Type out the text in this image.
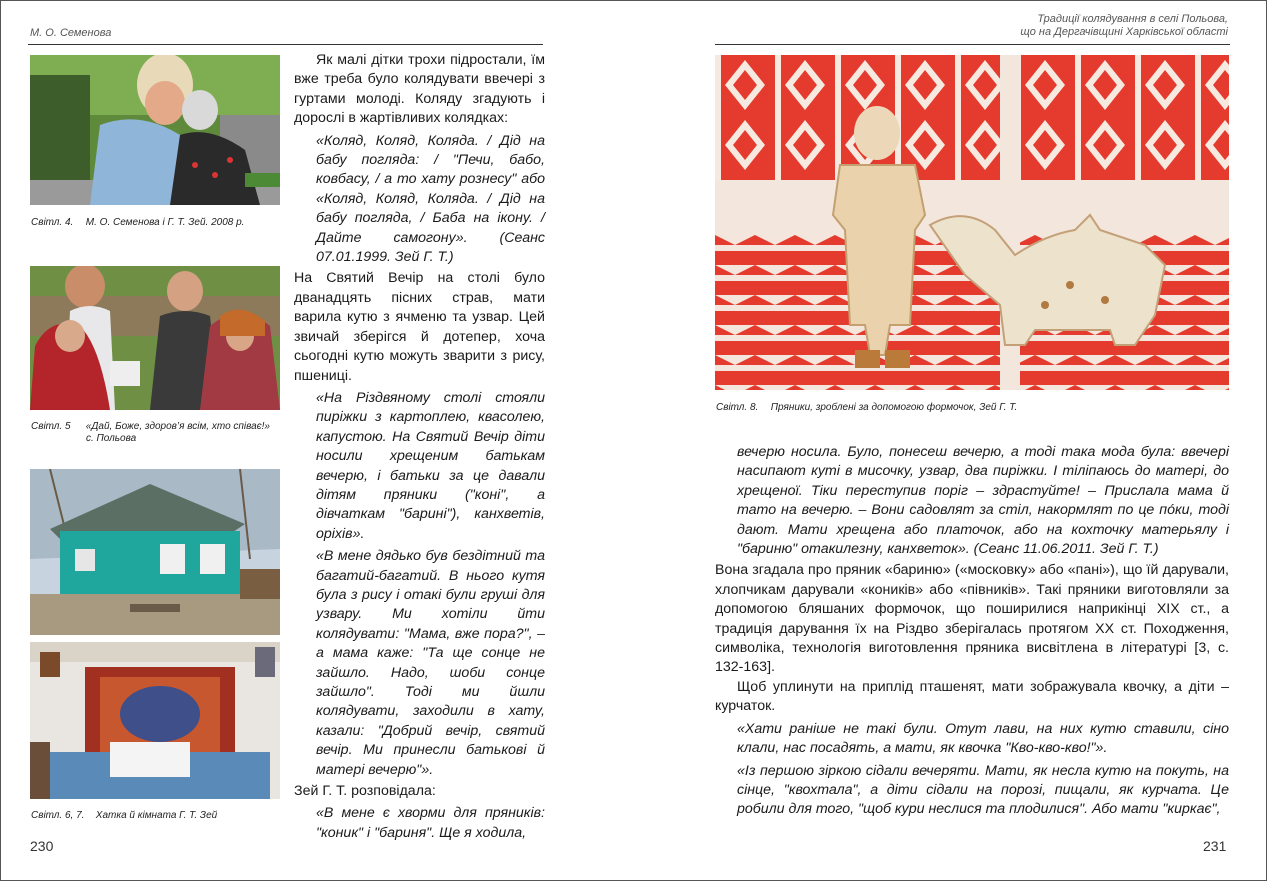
М. О. Семенова
Світл. 4. М. О. Семенова і Г. Т. Зей. 2008 р.
Світл. 5 «Дай, Боже, здоров’я всім, хто співає!»
с. Польова
Світл. 6, 7. Хатка й кімната Г. Т. Зей

Як малі дітки трохи підростали, їм вже треба було колядувати ввечері з гуртами молоді. Коляду згадують і дорослі в жартівливих колядках:

«Коляд, Коляд, Коляда. / Дід на бабу погляда: / "Печи, бабо, ковбасу, / а то хату рознесу" або «Коляд, Коляд, Коляда. / Дід на бабу погляда, / Баба на ікону. / Дайте самогону». (Сеанс 07.01.1999. Зей Г. Т.)

На Святий Вечір на столі було дванадцять пісних страв, мати варила кутю з ячменю та узвар. Цей звичай зберігся й дотепер, хоча сьогодні кутю можуть зварити з рису, пшениці.

«На Різдвяному столі стояли пиріжки з картоплею, квасолею, капустою. На Святий Вечір діти носили хрещеним батькам вечерю, і батьки за це давали дітям пряники ("коні", а дівчаткам "барині"), канхветів, оріхів».

«В мене дядько був бездітний та багатий-багатий. В нього кутя була з рису і отакі були груші для узвару. Ми хотіли йти колядувати: "Мама, вже пора?", – а мама каже: "Та ще сонце не зайшло. Надо, шоби сонце зайшло". Тоді ми йшли колядувати, заходили в хату, казали: "Добрий вечір, святий вечір. Ми принесли батькові й матері вечерю"».

Зей Г. Т. розповідала:

«В мене є хворми для пряників: "коник" і "бариня". Ще я ходила,

230
Традиції колядування в селі Польова,
що на Дергачівщині Харківської області
Світл. 8. Пряники, зроблені за допомогою формочок, Зей Г. Т.

вечерю носила. Було, понесеш вечерю, а тоді така мода була: ввечері насипают куті в мисочку, узвар, два пиріжки. І тіліпаюсь до матері, до хрещеної. Тіки переступив поріг – здрастуйте! – Прислала мама й тато на вечерю. – Вони садовлят за стіл, накормлят по це пóки, тоді дают. Мати хрещена або платочок, або на кохточку матерьялу і "бариню" отакилезну, канхветок». (Сеанс 11.06.2011. Зей Г. Т.)

Вона згадала про пряник «бариню» («московку» або «пані»), що їй дарували, хлопчикам дарували «коників» або «півників». Такі пряники виготовляли за допомогою бляшаних формочок, що поширилися наприкінці XIX ст., а традиція дарування їх на Різдво зберігалась протягом XX ст. Походження, символіка, технологія виготовлення пряника висвітлена в літературі [3, с. 132-163].

Щоб уплинути на приплід пташенят, мати зображувала квочку, а діти – курчаток.

«Хати раніше не такі були. Отут лави, на них кутю ставили, сіно клали, нас посадять, а мати, як квочка "Кво-кво-кво!"».

«Із першою зіркою сідали вечеряти. Мати, як несла кутю на покуть, на сінце, "квохтала", а діти сідали на порозі, пищали, як курчата. Це робили для того, "щоб кури неслися та плодилися". Або мати "киркає",

231
